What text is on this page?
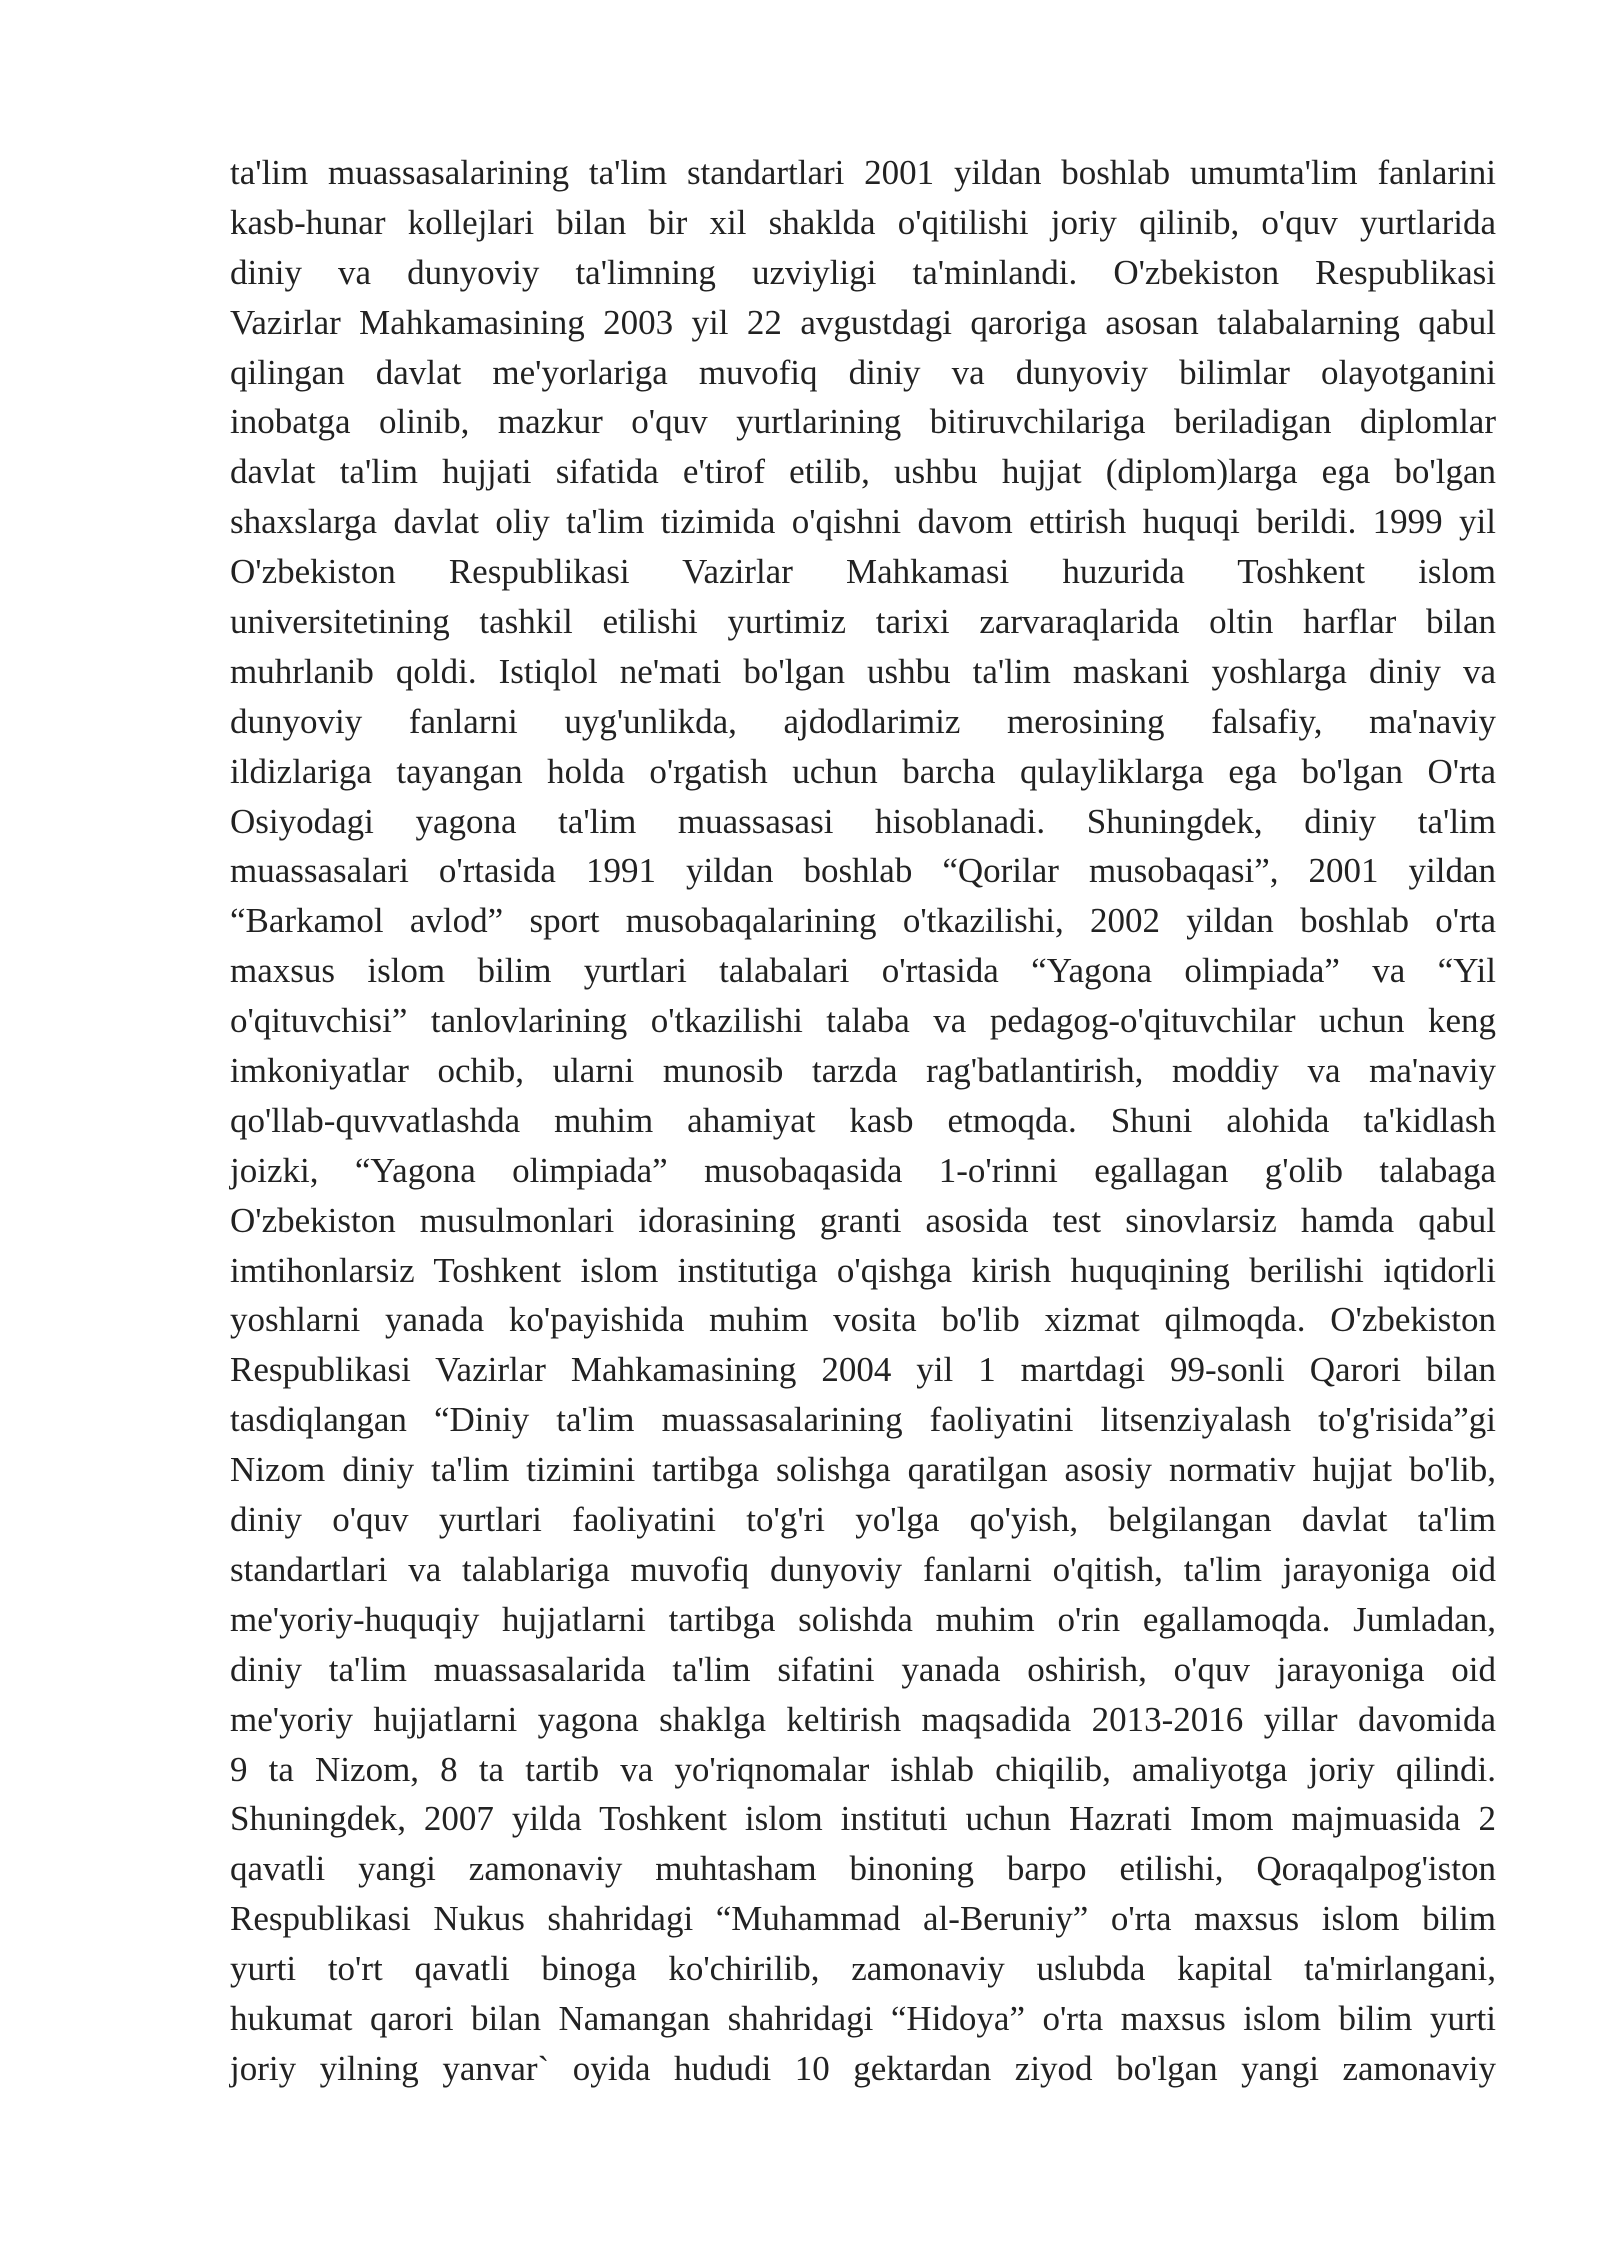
ta'lim muassasalarining ta'lim standartlari 2001 yildan boshlab umumta'lim fanlarini
kasb-hunar kollejlari bilan bir xil shaklda o'qitilishi joriy qilinib, o'quv yurtlarida
diniy va dunyoviy ta'limning uzviyligi ta'minlandi. O'zbekiston Respublikasi
Vazirlar Mahkamasining 2003 yil 22 avgustdagi qaroriga asosan talabalarning qabul
qilingan davlat me'yorlariga muvofiq diniy va dunyoviy bilimlar olayotganini
inobatga olinib, mazkur o'quv yurtlarining bitiruvchilariga beriladigan diplomlar
davlat ta'lim hujjati sifatida e'tirof etilib, ushbu hujjat (diplom)larga ega bo'lgan
shaxslarga davlat oliy ta'lim tizimida o'qishni davom ettirish huquqi berildi. 1999 yil
O'zbekiston Respublikasi Vazirlar Mahkamasi huzurida Toshkent islom
universitetining tashkil etilishi yurtimiz tarixi zarvaraqlarida oltin harflar bilan
muhrlanib qoldi. Istiqlol ne'mati bo'lgan ushbu ta'lim maskani yoshlarga diniy va
dunyoviy fanlarni uyg'unlikda, ajdodlarimiz merosining falsafiy, ma'naviy
ildizlariga tayangan holda o'rgatish uchun barcha qulayliklarga ega bo'lgan O'rta
Osiyodagi yagona ta'lim muassasasi hisoblanadi. Shuningdek, diniy ta'lim
muassasalari o'rtasida 1991 yildan boshlab “Qorilar musobaqasi”, 2001 yildan
“Barkamol avlod” sport musobaqalarining o'tkazilishi, 2002 yildan boshlab o'rta
maxsus islom bilim yurtlari talabalari o'rtasida “Yagona olimpiada” va “Yil
o'qituvchisi” tanlovlarining o'tkazilishi talaba va pedagog-o'qituvchilar uchun keng
imkoniyatlar ochib, ularni munosib tarzda rag'batlantirish, moddiy va ma'naviy
qo'llab-quvvatlashda muhim ahamiyat kasb etmoqda. Shuni alohida ta'kidlash
joizki, “Yagona olimpiada” musobaqasida 1-o'rinni egallagan g'olib talabaga
O'zbekiston musulmonlari idorasining granti asosida test sinovlarsiz hamda qabul
imtihonlarsiz Toshkent islom institutiga o'qishga kirish huquqining berilishi iqtidorli
yoshlarni yanada ko'payishida muhim vosita bo'lib xizmat qilmoqda. O'zbekiston
Respublikasi Vazirlar Mahkamasining 2004 yil 1 martdagi 99-sonli Qarori bilan
tasdiqlangan “Diniy ta'lim muassasalarining faoliyatini litsenziyalash to'g'risida”gi
Nizom diniy ta'lim tizimini tartibga solishga qaratilgan asosiy normativ hujjat bo'lib,
diniy o'quv yurtlari faoliyatini to'g'ri yo'lga qo'yish, belgilangan davlat ta'lim
standartlari va talablariga muvofiq dunyoviy fanlarni o'qitish, ta'lim jarayoniga oid
me'yoriy-huquqiy hujjatlarni tartibga solishda muhim o'rin egallamoqda. Jumladan,
diniy ta'lim muassasalarida ta'lim sifatini yanada oshirish, o'quv jarayoniga oid
me'yoriy hujjatlarni yagona shaklga keltirish maqsadida 2013-2016 yillar davomida
9 ta Nizom, 8 ta tartib va yo'riqnomalar ishlab chiqilib, amaliyotga joriy qilindi.
Shuningdek, 2007 yilda Toshkent islom instituti uchun Hazrati Imom majmuasida 2
qavatli yangi zamonaviy muhtasham binoning barpo etilishi, Qoraqalpog'iston
Respublikasi Nukus shahridagi “Muhammad al-Beruniy” o'rta maxsus islom bilim
yurti to'rt qavatli binoga ko'chirilib, zamonaviy uslubda kapital ta'mirlangani,
hukumat qarori bilan Namangan shahridagi “Hidoya” o'rta maxsus islom bilim yurti
joriy yilning yanvar` oyida hududi 10 gektardan ziyod bo'lgan yangi zamonaviy
